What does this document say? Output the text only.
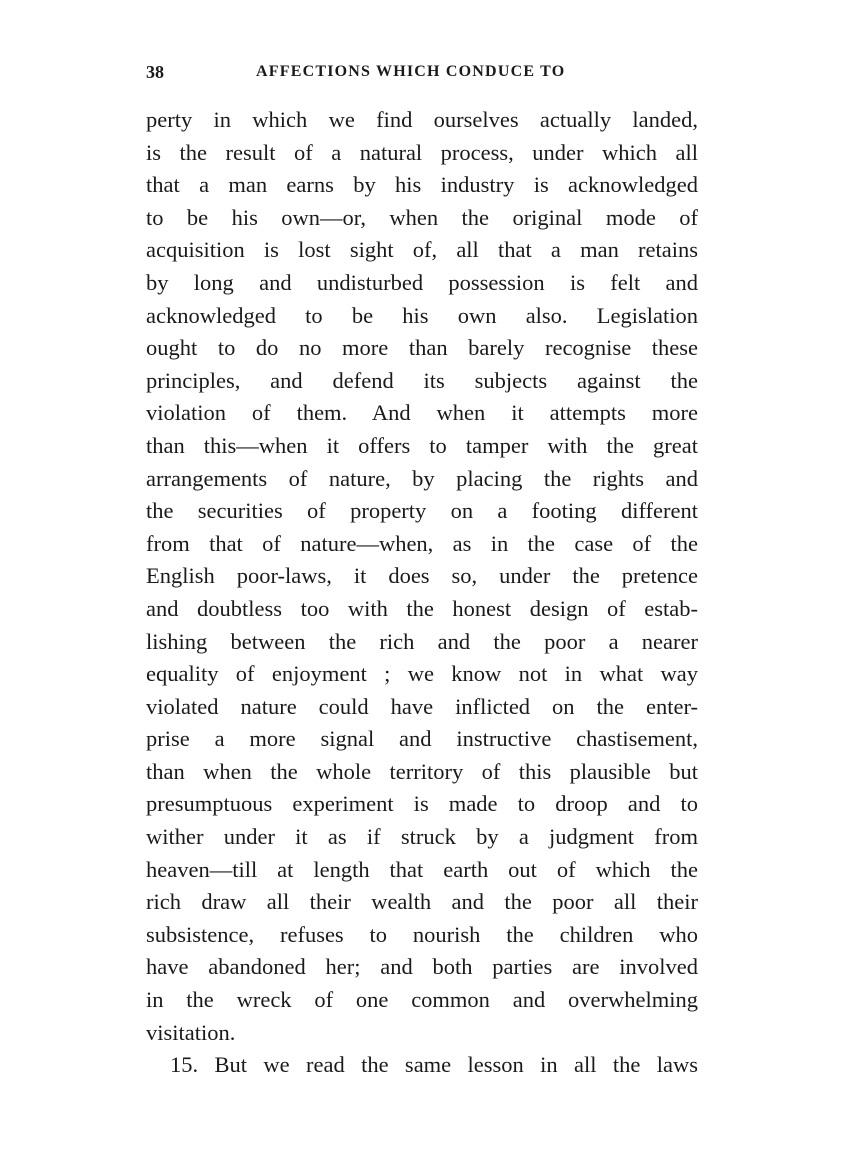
38	AFFECTIONS WHICH CONDUCE TO
perty in which we find ourselves actually landed,
is the result of a natural process, under which all
that a man earns by his industry is acknowledged
to be his own—or, when the original mode of
acquisition is lost sight of, all that a man retains
by long and undisturbed possession is felt and
acknowledged to be his own also. Legislation
ought to do no more than barely recognise these
principles, and defend its subjects against the
violation of them. And when it attempts more
than this—when it offers to tamper with the great
arrangements of nature, by placing the rights and
the securities of property on a footing different
from that of nature—when, as in the case of the
English poor-laws, it does so, under the pretence
and doubtless too with the honest design of estab-
lishing between the rich and the poor a nearer
equality of enjoyment ; we know not in what way
violated nature could have inflicted on the enter-
prise a more signal and instructive chastisement,
than when the whole territory of this plausible but
presumptuous experiment is made to droop and to
wither under it as if struck by a judgment from
heaven—till at length that earth out of which the
rich draw all their wealth and the poor all their
subsistence, refuses to nourish the children who
have abandoned her; and both parties are involved
in the wreck of one common and overwhelming
visitation.
15. But we read the same lesson in all the laws
